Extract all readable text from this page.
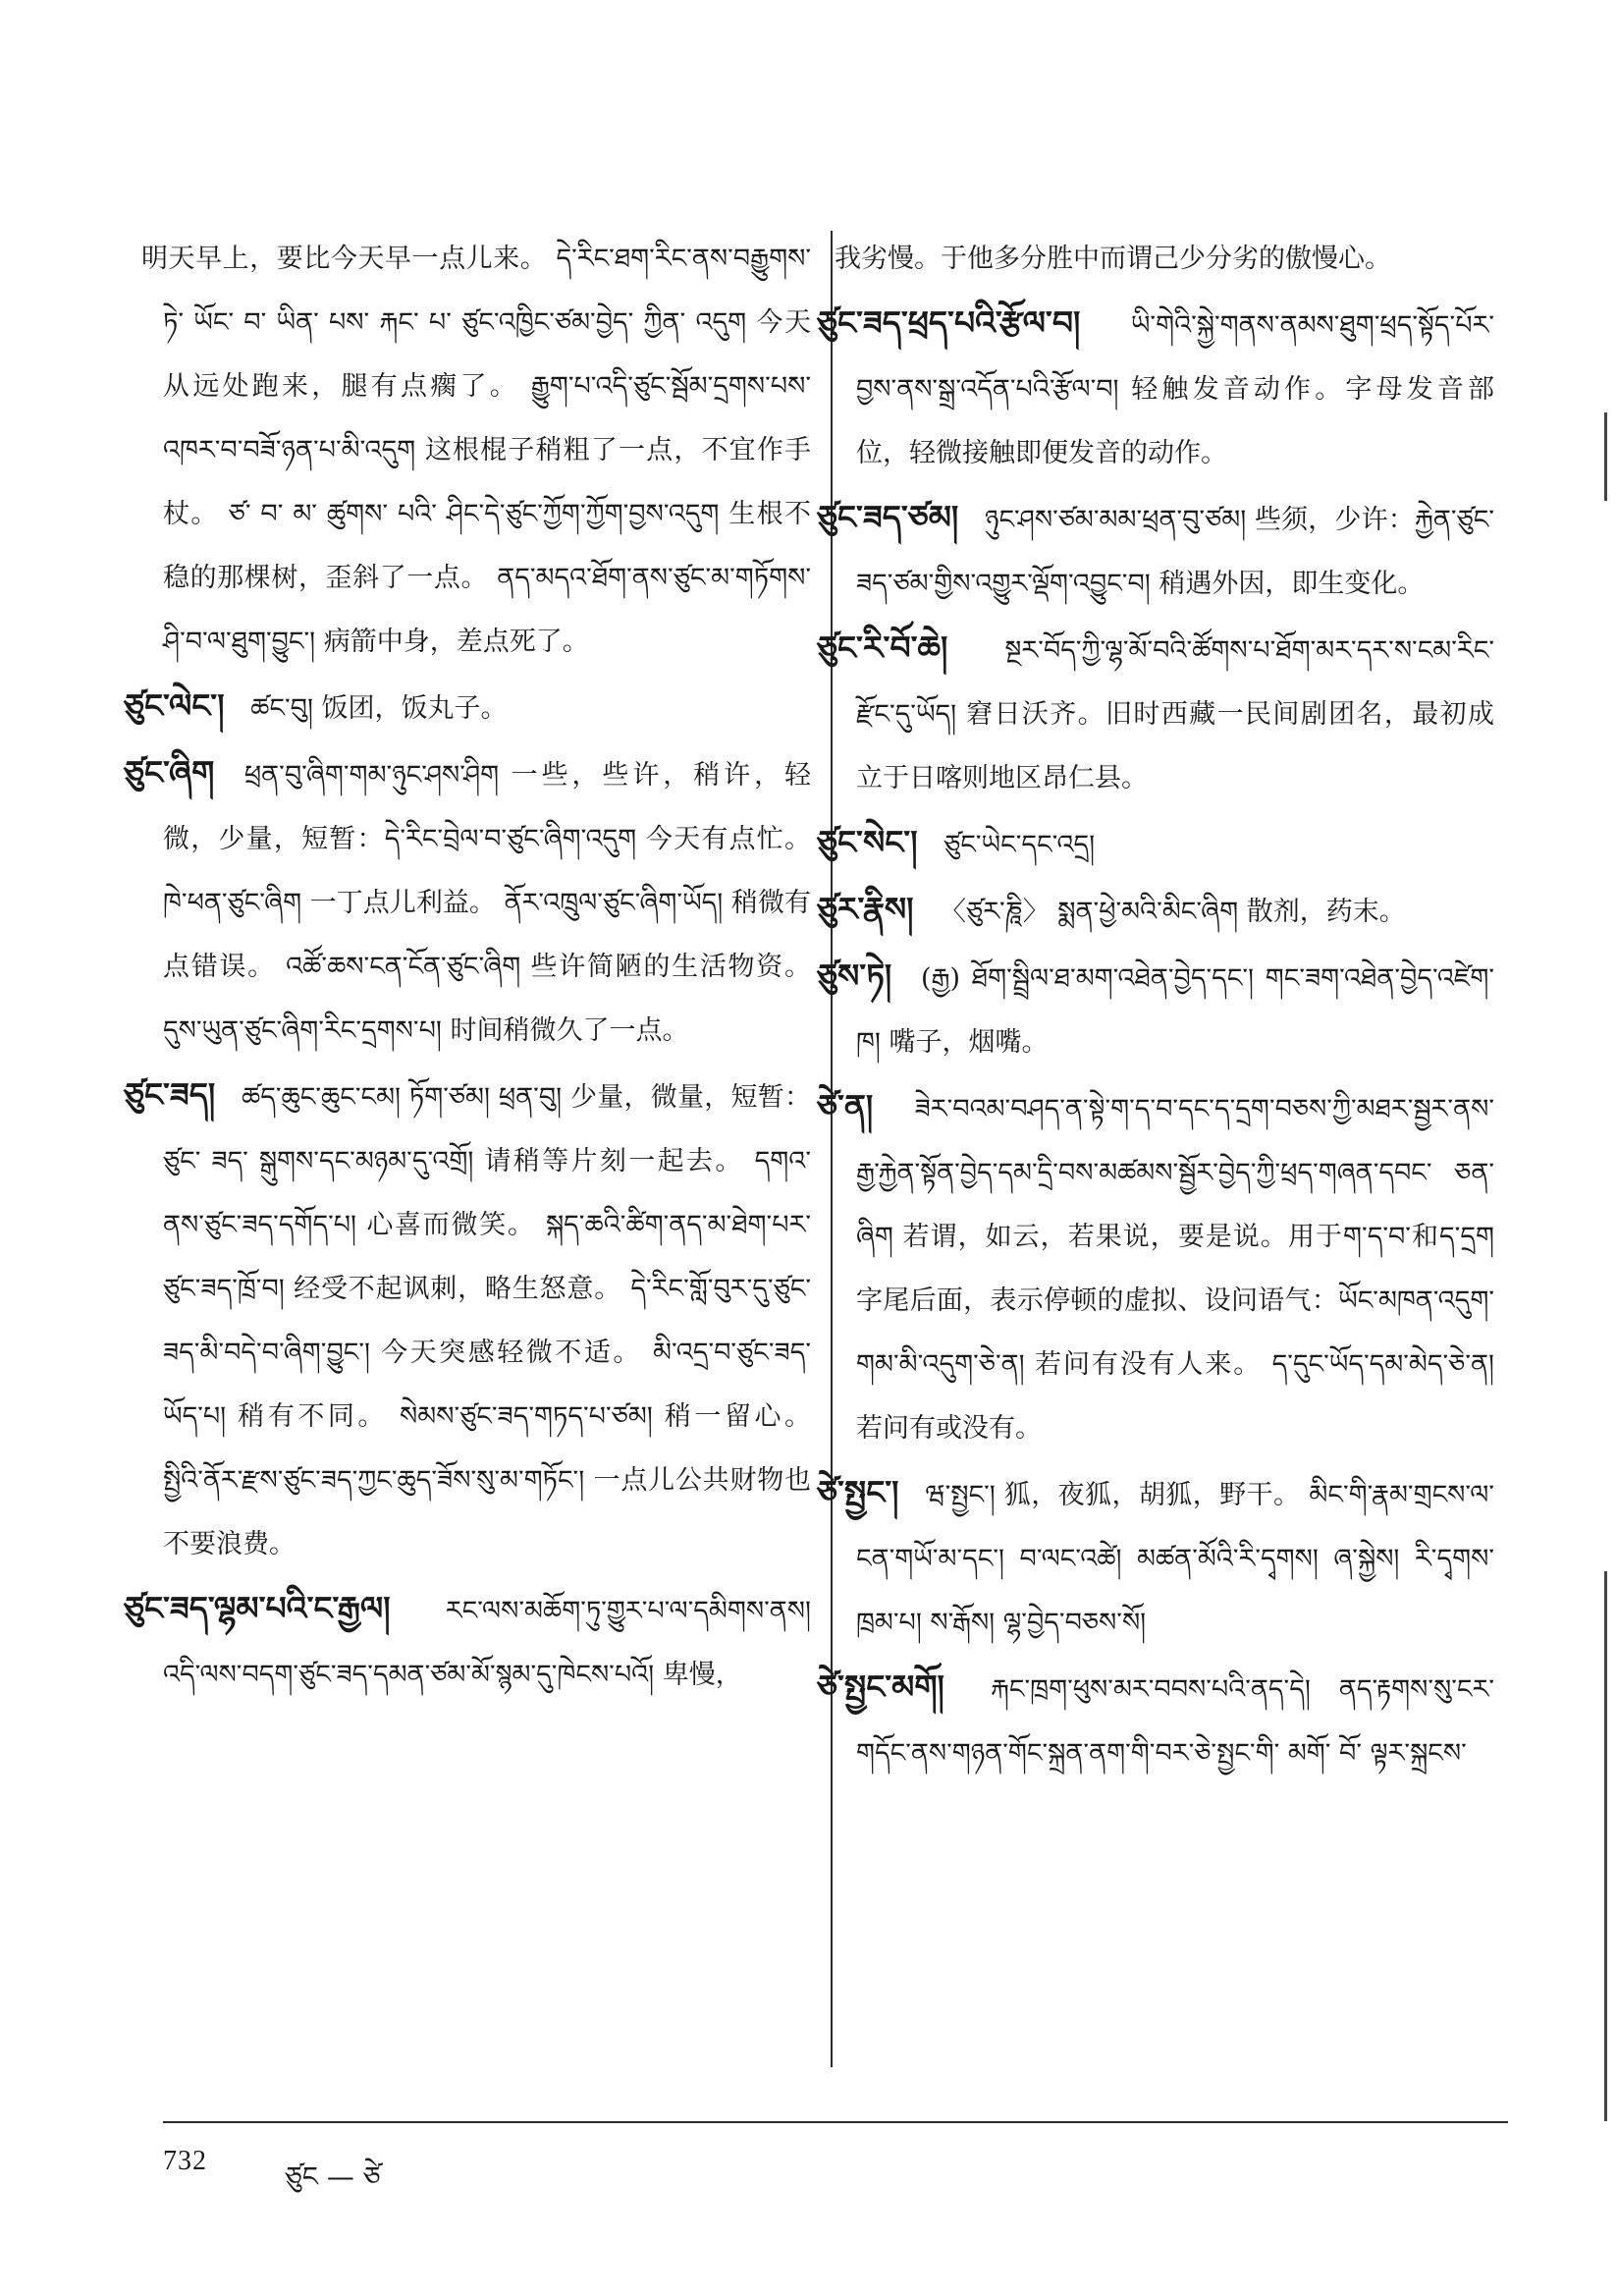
明天早上，要比今天早一点儿来。 དེ་རིང་ཐག་རིང་ནས་བརྒྱུགས་ཏེ་ ཡོང་ བ་ ཡིན་ པས་ རྐང་ པ་ ཙུང་འཁྱིང་ཙམ་བྱེད་ ཀྱིན་ འདུག 今天从远处跑来，腿有点瘸了。 རྒྱུག་པ་འདི་ཙུང་སྦོམ་དྲགས་པས་འཁར་བ་བཟོ་ཉན་པ་མི་འདུག 这根棍子稍粗了一点，不宜作手杖。 ཙ་ བ་ མ་ ཚུགས་ པའི་ ཤིང་དེ་ཙུང་ཀྱོག་ཀྱོག་བྱས་འདུག 生根不稳的那棵树，歪斜了一点。 ནད་མདའ་ཐོག་ནས་ཙུང་མ་གཏོགས་ཤི་བ་ལ་ཐུག་བྱུང་། 病箭中身，差点死了。

ཙུང་ལེང་། ཚང་བུ། 饭团，饭丸子。

ཙུང་ཞིག ཕྲན་བུ་ཞིག་གམ་ཉུང་ཤས་ཤིག 一些，些许，稍许，轻微，少量，短暂：དེ་རིང་བྲེལ་བ་ཙུང་ཞིག་འདུག 今天有点忙。 ཁེ་ཕན་ཙུང་ཞིག 一丁点儿利益。 ནོར་འཁྲུལ་ཙུང་ཞིག་ཡོད། 稍微有点错误。 འཚོ་ཆས་ངན་ངོན་ཙུང་ཞིག 些许简陋的生活物资。 དུས་ཡུན་ཙུང་ཞིག་རིང་དྲགས་པ། 时间稍微久了一点。

ཙུང་ཟད། ཚད་ཆུང་ཆུང་ངམ། ཏོག་ཙམ། ཕྲན་བུ། 少量，微量，短暂：ཙུང་ ཟད་ སྒུགས་དང་མཉམ་དུ་འགྲོ། 请稍等片刻一起去。 དགའ་ནས་ཙུང་ཟད་དགོད་པ། 心喜而微笑。 སྐད་ཆའི་ཚིག་ནད་མ་ཐེག་པར་ཙུང་ཟད་ཁྲོ་བ། 经受不起讽刺，略生怒意。 དེ་རིང་གློ་བུར་དུ་ཙུང་ཟད་མི་བདེ་བ་ཞིག་བྱུང་། 今天突感轻微不适。 མི་འདྲ་བ་ཙུང་ཟད་ཡོད་པ། 稍有不同。 སེམས་ཙུང་ཟད་གཏད་པ་ཙམ། 稍一留心。 སྤྱིའི་ནོར་རྫས་ཙུང་ཟད་ཀྱང་ཆུད་ཟོས་སུ་མ་གཏོང་། 一点儿公共财物也不要浪费。

ཙུང་ཟད་ལྷམ་པའི་ང་རྒྱལ། རང་ལས་མཆོག་ཏུ་གྱུར་པ་ལ་དམིགས་ནས། འདི་ལས་བདག་ཙུང་ཟད་དམན་ཙམ་མོ་སྙམ་དུ་ཁེངས་པའོ། 卑慢，

我劣慢。于他多分胜中而谓己少分劣的傲慢心。

ཙུང་ཟད་ཕྲད་པའི་རྩོལ་བ། ཡི་གེའི་སྐྱེ་གནས་ནམས་ཐུག་ཕྲད་སྟོད་པོར་བྱས་ནས་སྒྲ་འདོན་པའི་རྩོལ་བ། 轻触发音动作。字母发音部位，轻微接触即便发音的动作。

ཙུང་ཟད་ཙམ། ཉུང་ཤས་ཙམ་མམ་ཕྲན་བུ་ཙམ། 些须，少许：རྐྱེན་ཙུང་ཟད་ཙམ་གྱིས་འགྱུར་ལྡོག་འབྱུང་བ། 稍遇外因，即生变化。

ཙུང་རི་བོ་ཆེ། སྔར་བོད་ཀྱི་ལྷ་མོ་བའི་ཚོགས་པ་ཐོག་མར་དར་ས་ངམ་རིང་རྫོང་དུ་ཡོད། 窘日沃齐。旧时西藏一民间剧团名，最初成立于日喀则地区昂仁县。

ཙུང་སེང་། ཙུང་ཡེང་དང་འདྲ།

ཙུར་རྣིས། 〈ཙུར་ཎཱི〉 སྨན་ཕྱེ་མའི་མིང་ཞིག 散剂，药末。

ཙུས་ཏེ། (རྒྱ) ཐོག་སྦྲིལ་ཐ་མག་འཐེན་བྱེད་དང་། གང་ཟག་འཐེན་བྱེད་འཛེག་ཁ། 嘴子，烟嘴。

ཙེ་ན། ཟེར་བའམ་བཤད་ན་སྟེ་ག་ད་བ་དང་ད་དྲག་བཅས་ཀྱི་མཐར་སྦྱར་ནས་རྒྱ་རྐྱེན་སྟོན་བྱེད་དམ་དྲི་བས་མཚམས་སྦྱོར་བྱེད་ཀྱི་ཕྲད་གཞན་དབང་ ཅན་ཞིག 若谓，如云，若果说，要是说。用于ག་ད་བ་和ད་དྲག 字尾后面，表示停顿的虚拟、设问语气：ཡོང་མཁན་འདུག་གམ་མི་འདུག་ཅེ་ན། 若问有没有人来。 ད་དུང་ཡོད་དམ་མེད་ཅེ་ན། 若问有或没有。

ཙེ་སྤྱང་། ཝ་སྤྱང་། 狐，夜狐，胡狐，野干。 མིང་གི་རྣམ་གྲངས་ལ་ངན་གཡོ་མ་དང་། བ་ལང་འཚེ། མཚན་མོའི་རི་དྭགས། ཞ་སྐྱེས། རི་དྭགས་ཁྲམ་པ། ས་རྒོས། ལྷ་བྱེད་བཅས་སོ།

ཙེ་སྤྱང་མགོ། རྐང་ཁྲག་ཕུས་མར་བབས་པའི་ནད་དེ། ནད་རྟགས་སུ་ངར་གདོང་ནས་གཉན་གོང་སྐྲན་ནག་གི་བར་ཅེ་སྤྱང་གི་ མགོ་ བོ་ ལྟར་སྐྲངས་

732	ཙུང — ཙེ
